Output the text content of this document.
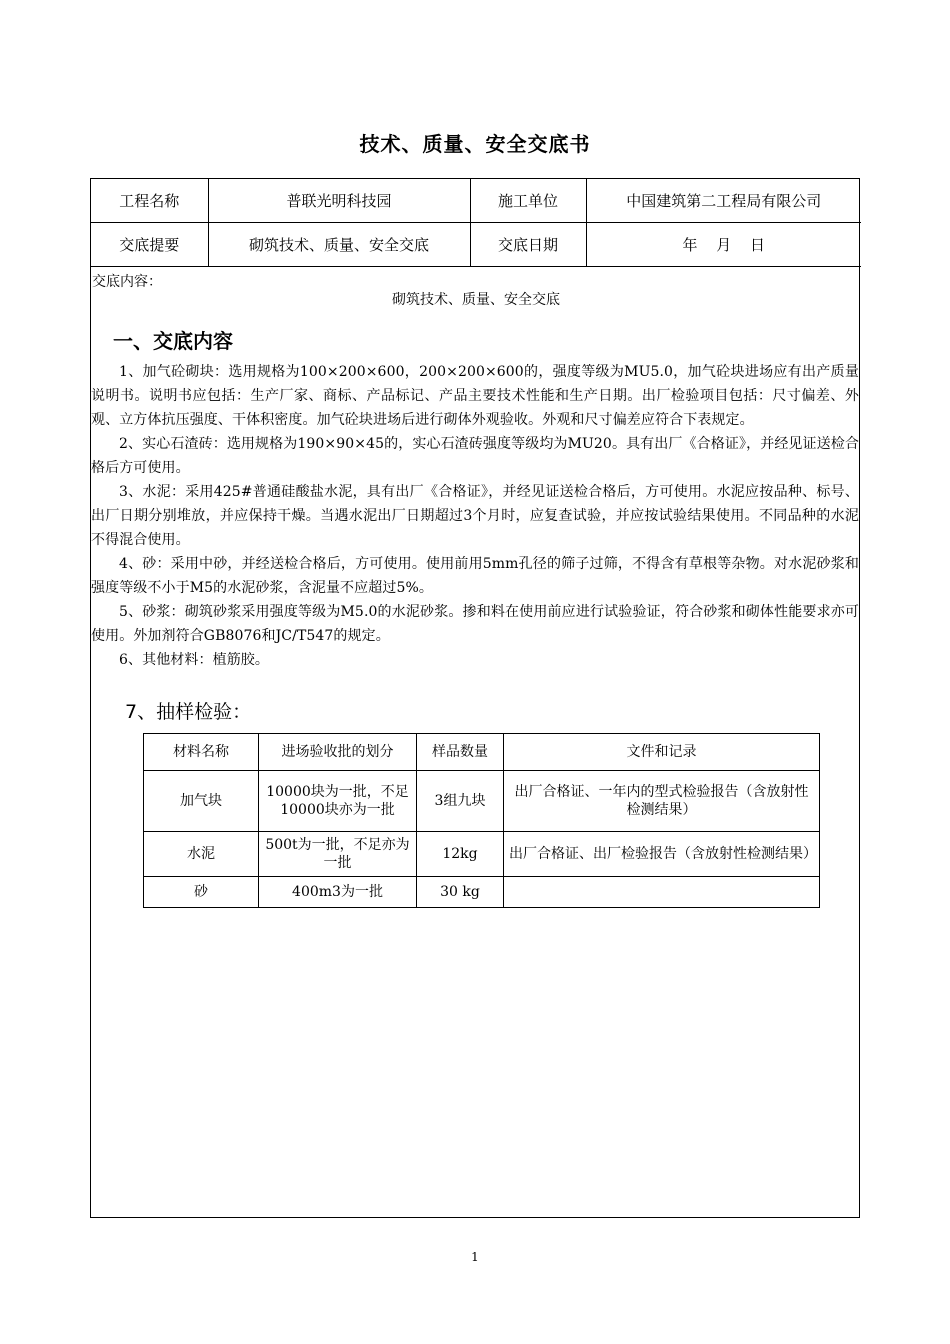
技术、质量、安全交底书
工程名称	普联光明科技园	施工单位	中国建筑第二工程局有限公司
交底提要	砌筑技术、质量、安全交底	交底日期	年 月 日
交底内容：
砌筑技术、质量、安全交底
一、交底内容

1、加气砼砌块：选用规格为100×200×600，200×200×600的，强度等级为MU5.0，加气砼块进场应有出产质量说明书。说明书应包括：生产厂家、商标、产品标记、产品主要技术性能和生产日期。出厂检验项目包括：尺寸偏差、外观、立方体抗压强度、干体积密度。加气砼块进场后进行砌体外观验收。外观和尺寸偏差应符合下表规定。

2、实心石渣砖：选用规格为190×90×45的，实心石渣砖强度等级均为MU20。具有出厂《合格证》，并经见证送检合格后方可使用。

3、水泥：采用425#普通硅酸盐水泥，具有出厂《合格证》，并经见证送检合格后，方可使用。水泥应按品种、标号、出厂日期分别堆放，并应保持干燥。当遇水泥出厂日期超过3个月时，应复查试验，并应按试验结果使用。不同品种的水泥不得混合使用。

4、砂：采用中砂，并经送检合格后，方可使用。使用前用5mm孔径的筛子过筛，不得含有草根等杂物。对水泥砂浆和强度等级不小于M5的水泥砂浆，含泥量不应超过5%。

5、砂浆：砌筑砂浆采用强度等级为M5.0的水泥砂浆。掺和料在使用前应进行试验验证，符合砂浆和砌体性能要求亦可使用。外加剂符合GB8076和JC/T547的规定。

6、其他材料：植筋胶。

7、抽样检验：
材料名称	进场验收批的划分	样品数量	文件和记录
加气块	10000块为一批，不足10000块亦为一批	3组九块	出厂合格证、一年内的型式检验报告（含放射性检测结果）
水泥	500t为一批，不足亦为一批	12kg	出厂合格证、出厂检验报告（含放射性检测结果）
砂	400m3为一批	30 kg	
1
